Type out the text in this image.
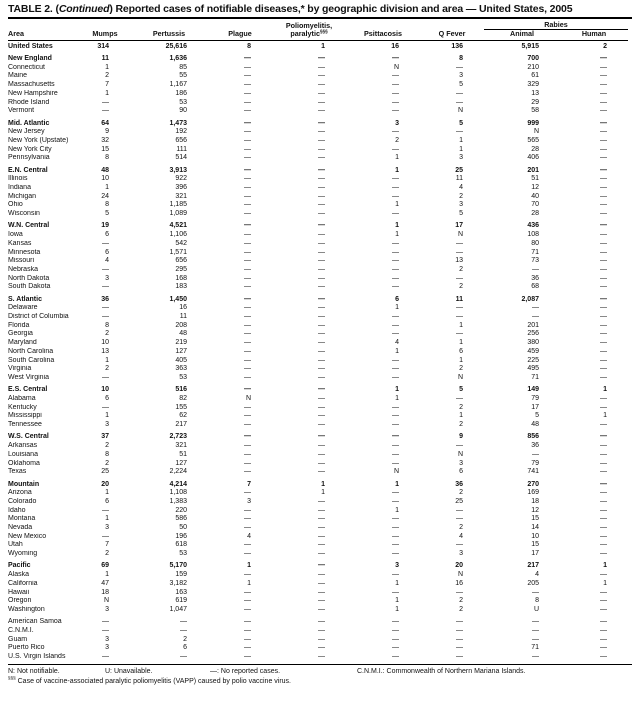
TABLE 2. (Continued) Reported cases of notifiable diseases,* by geographic division and area — United States, 2005
				Poliomyelitis,			Rabies	
Area	Mumps	Pertussis	Plague	paralytic§§§	Psittacosis	Q Fever	Animal	Human
United States	314	25,616	8	1	16	136	5,915	2
New England	11	1,636	—	—	—	8	700	—
Connecticut	1	85	—	—	N	—	210	—
Maine	2	55	—	—	—	3	61	—
Massachusetts	7	1,167	—	—	—	5	329	—
New Hampshire	1	186	—	—	—	—	13	—
Rhode Island	—	53	—	—	—	—	29	—
Vermont	—	90	—	—	—	N	58	—
Mid. Atlantic	64	1,473	—	—	3	5	999	—
New Jersey	9	192	—	—	—	—	N	—
New York (Upstate)	32	656	—	—	2	1	565	—
New York City	15	111	—	—	—	1	28	—
Pennsylvania	8	514	—	—	1	3	406	—
E.N. Central	48	3,913	—	—	1	25	201	—
Illinois	10	922	—	—	—	11	51	—
Indiana	1	396	—	—	—	4	12	—
Michigan	24	321	—	—	—	2	40	—
Ohio	8	1,185	—	—	1	3	70	—
Wisconsin	5	1,089	—	—	—	5	28	—
W.N. Central	19	4,521	—	—	1	17	436	—
Iowa	6	1,106	—	—	1	N	108	—
Kansas	—	542	—	—	—	—	80	—
Minnesota	6	1,571	—	—	—	—	71	—
Missouri	4	656	—	—	—	13	73	—
Nebraska	—	295	—	—	—	2	—	—
North Dakota	3	168	—	—	—	—	36	—
South Dakota	—	183	—	—	—	2	68	—
S. Atlantic	36	1,450	—	—	6	11	2,087	—
Delaware	—	16	—	—	1	—	—	—
District of Columbia	—	11	—	—	—	—	—	—
Florida	8	208	—	—	—	1	201	—
Georgia	2	48	—	—	—	—	256	—
Maryland	10	219	—	—	4	1	380	—
North Carolina	13	127	—	—	1	6	459	—
South Carolina	1	405	—	—	—	1	225	—
Virginia	2	363	—	—	—	2	495	—
West Virginia	—	53	—	—	—	N	71	—
E.S. Central	10	516	—	—	1	5	149	1
Alabama	6	82	N	—	1	—	79	—
Kentucky	—	155	—	—	—	2	17	—
Mississippi	1	62	—	—	—	1	5	1
Tennessee	3	217	—	—	—	2	48	—
W.S. Central	37	2,723	—	—	—	9	856	—
Arkansas	2	321	—	—	—	—	36	—
Louisiana	8	51	—	—	—	N	—	—
Oklahoma	2	127	—	—	—	3	79	—
Texas	25	2,224	—	—	N	6	741	—
Mountain	20	4,214	7	1	1	36	270	—
Arizona	1	1,108	—	1	—	2	169	—
Colorado	6	1,383	3	—	—	25	18	—
Idaho	—	220	—	—	1	—	12	—
Montana	1	586	—	—	—	—	15	—
Nevada	3	50	—	—	—	2	14	—
New Mexico	—	196	4	—	—	4	10	—
Utah	7	618	—	—	—	—	15	—
Wyoming	2	53	—	—	—	3	17	—
Pacific	69	5,170	1	—	3	20	217	1
Alaska	1	159	—	—	—	N	4	—
California	47	3,182	1	—	1	16	205	1
Hawaii	18	163	—	—	—	—	—	—
Oregon	N	619	—	—	1	2	8	—
Washington	3	1,047	—	—	1	2	U	—
American Samoa	—	—	—	—	—	—	—	—
C.N.M.I.	—	—	—	—	—	—	—	—
Guam	3	2	—	—	—	—	—	—
Puerto Rico	3	6	—	—	—	—	71	—
U.S. Virgin Islands	—	—	—	—	—	—	—	—
N: Not notifiable.	U: Unavailable.	—: No reported cases.	C.N.M.I.: Commonwealth of Northern Mariana Islands.
§§§ Case of vaccine-associated paralytic poliomyelitis (VAPP) caused by polio vaccine virus.
